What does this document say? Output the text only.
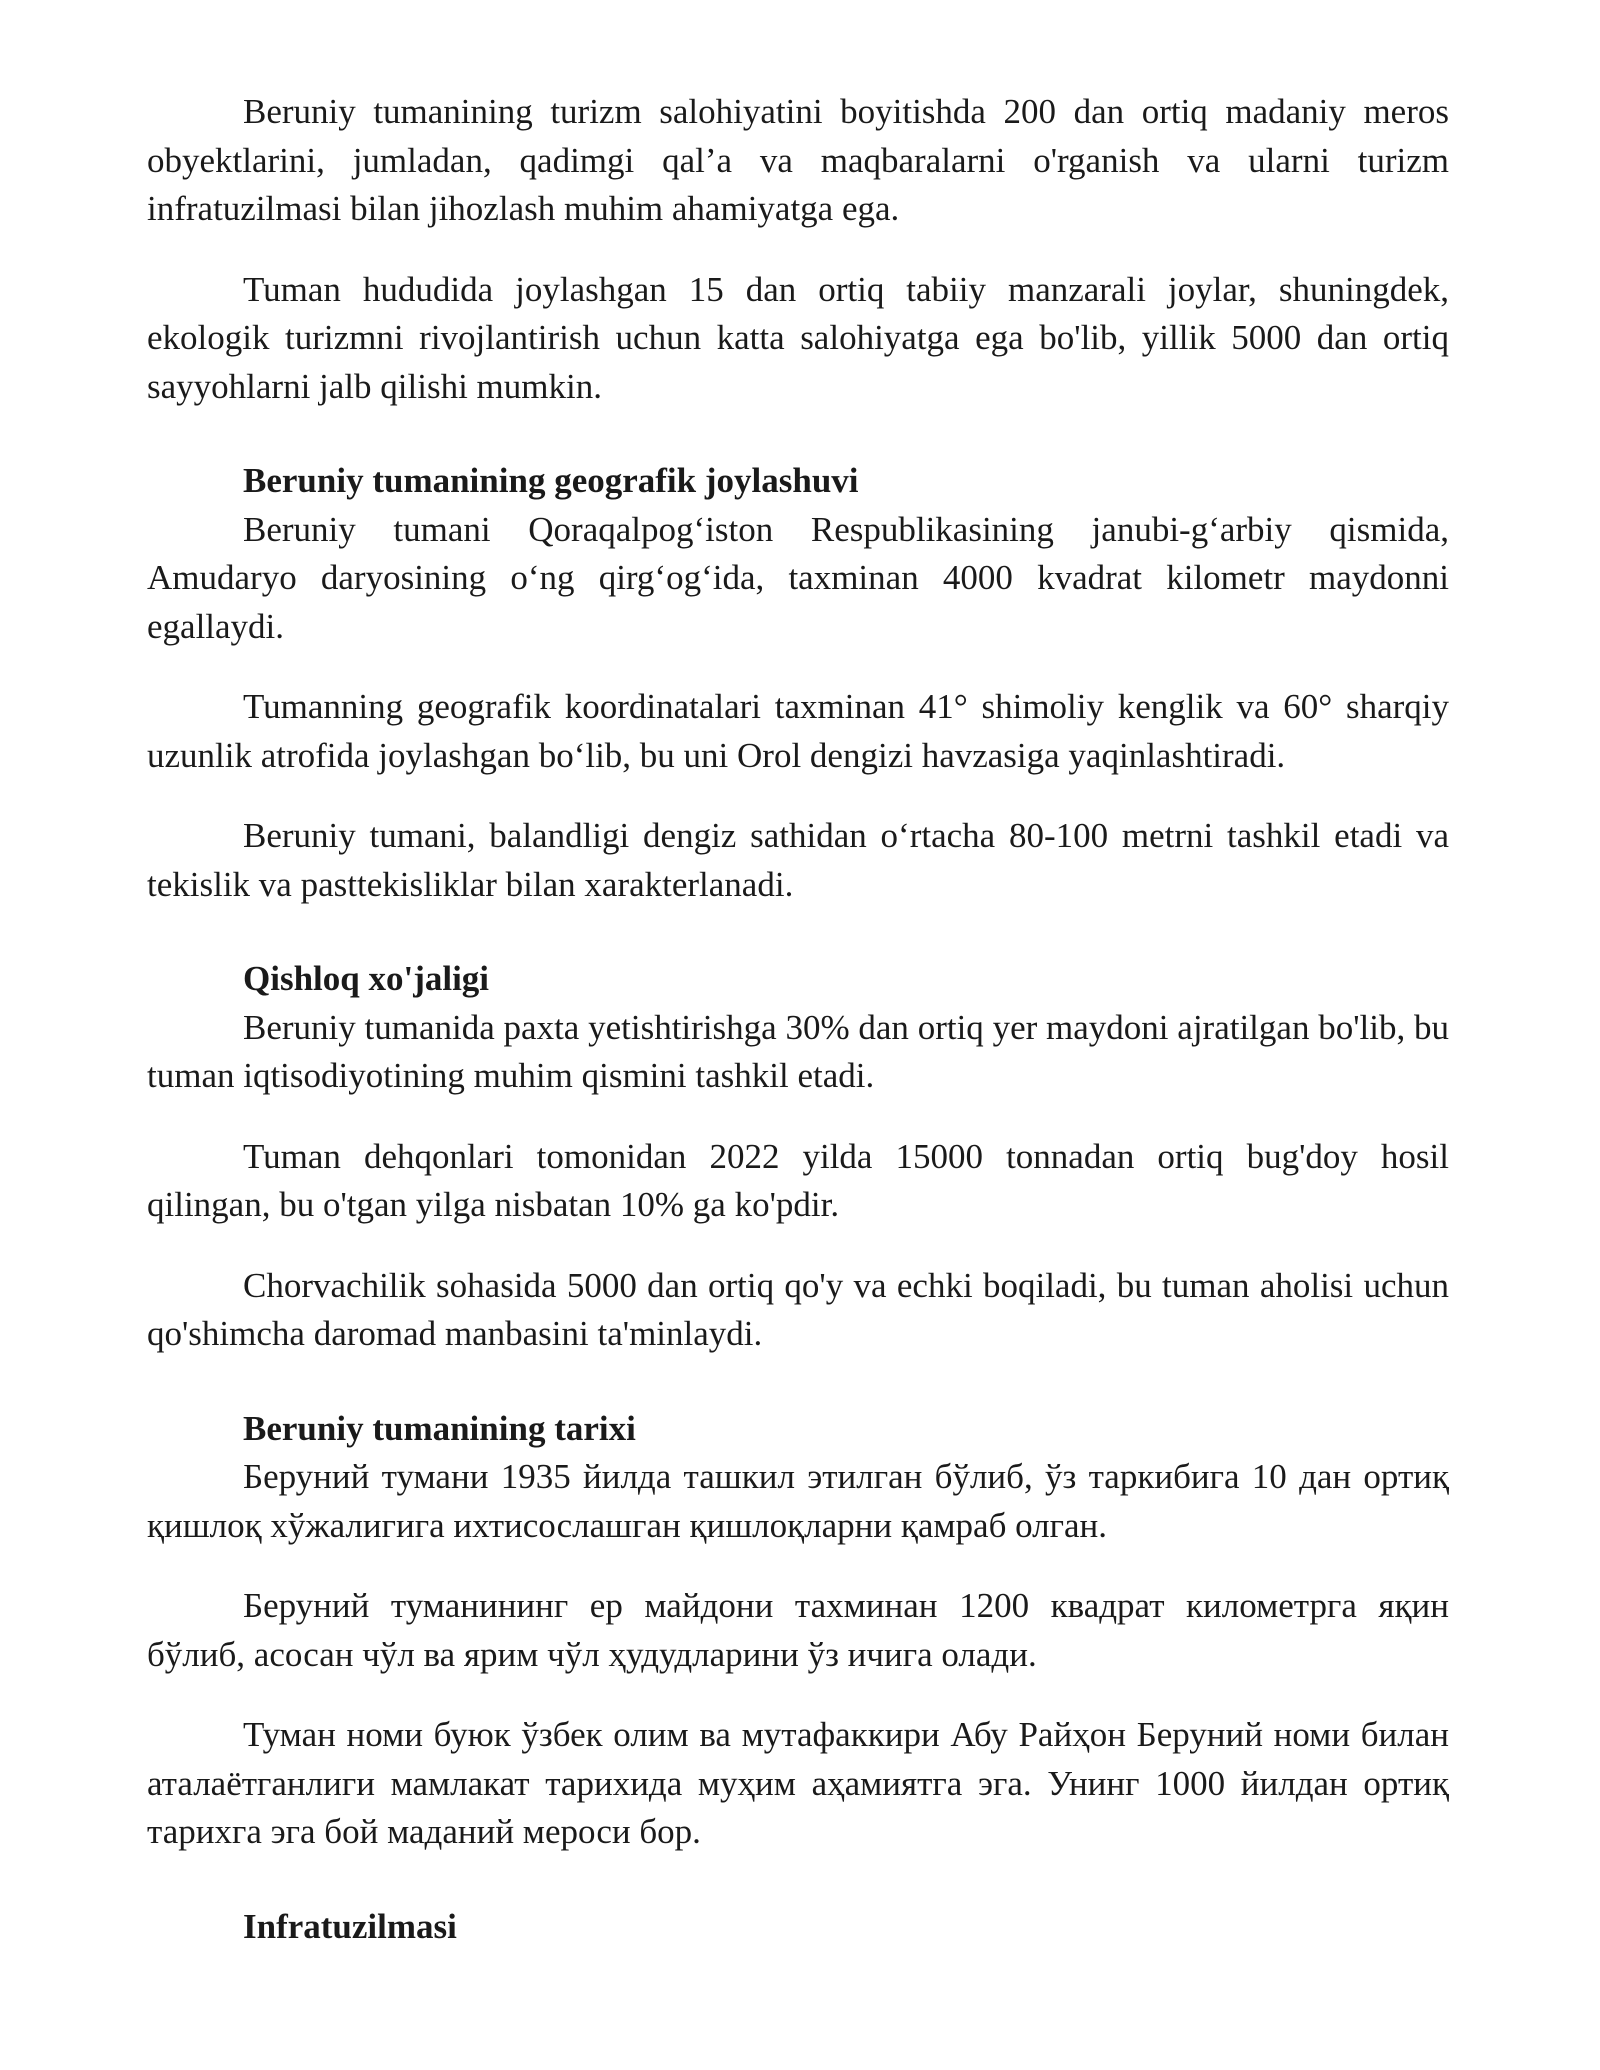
Beruniy tumanining turizm salohiyatini boyitishda 200 dan ortiq madaniy meros obyektlarini, jumladan, qadimgi qal’a va maqbaralarni o'rganish va ularni turizm infratuzilmasi bilan jihozlash muhim ahamiyatga ega.

Tuman hududida joylashgan 15 dan ortiq tabiiy manzarali joylar, shuningdek, ekologik turizmni rivojlantirish uchun katta salohiyatga ega bo'lib, yillik 5000 dan ortiq sayyohlarni jalb qilishi mumkin.

Beruniy tumanining geografik joylashuvi

Beruniy tumani Qoraqalpog‘iston Respublikasining janubi-g‘arbiy qismida, Amudaryo daryosining o‘ng qirg‘og‘ida, taxminan 4000 kvadrat kilometr maydonni egallaydi.

Tumanning geografik koordinatalari taxminan 41° shimoliy kenglik va 60° sharqiy uzunlik atrofida joylashgan bo‘lib, bu uni Orol dengizi havzasiga yaqinlashtiradi.

Beruniy tumani, balandligi dengiz sathidan o‘rtacha 80-100 metrni tashkil etadi va tekislik va pasttekisliklar bilan xarakterlanadi.

Qishloq xo'jaligi

Beruniy tumanida paxta yetishtirishga 30% dan ortiq yer maydoni ajratilgan bo'lib, bu tuman iqtisodiyotining muhim qismini tashkil etadi.

Tuman dehqonlari tomonidan 2022 yilda 15000 tonnadan ortiq bug'doy hosil qilingan, bu o'tgan yilga nisbatan 10% ga ko'pdir.

Chorvachilik sohasida 5000 dan ortiq qo'y va echki boqiladi, bu tuman aholisi uchun qo'shimcha daromad manbasini ta'minlaydi.

Beruniy tumanining tarixi

Беруний тумани 1935 йилда ташкил этилган бўлиб, ўз таркибига 10 дан ортиқ қишлоқ хўжалигига ихтисослашган қишлоқларни қамраб олган.

Беруний туманининг ер майдони тахминан 1200 квадрат километрга яқин бўлиб, асосан чўл ва ярим чўл ҳудудларини ўз ичига олади.

Туман номи буюк ўзбек олим ва мутафаккири Абу Райҳон Беруний номи билан аталаётганлиги мамлакат тарихида муҳим аҳамиятга эга. Унинг 1000 йилдан ортиқ тарихга эга бой маданий мероси бор.

Infratuzilmasi
